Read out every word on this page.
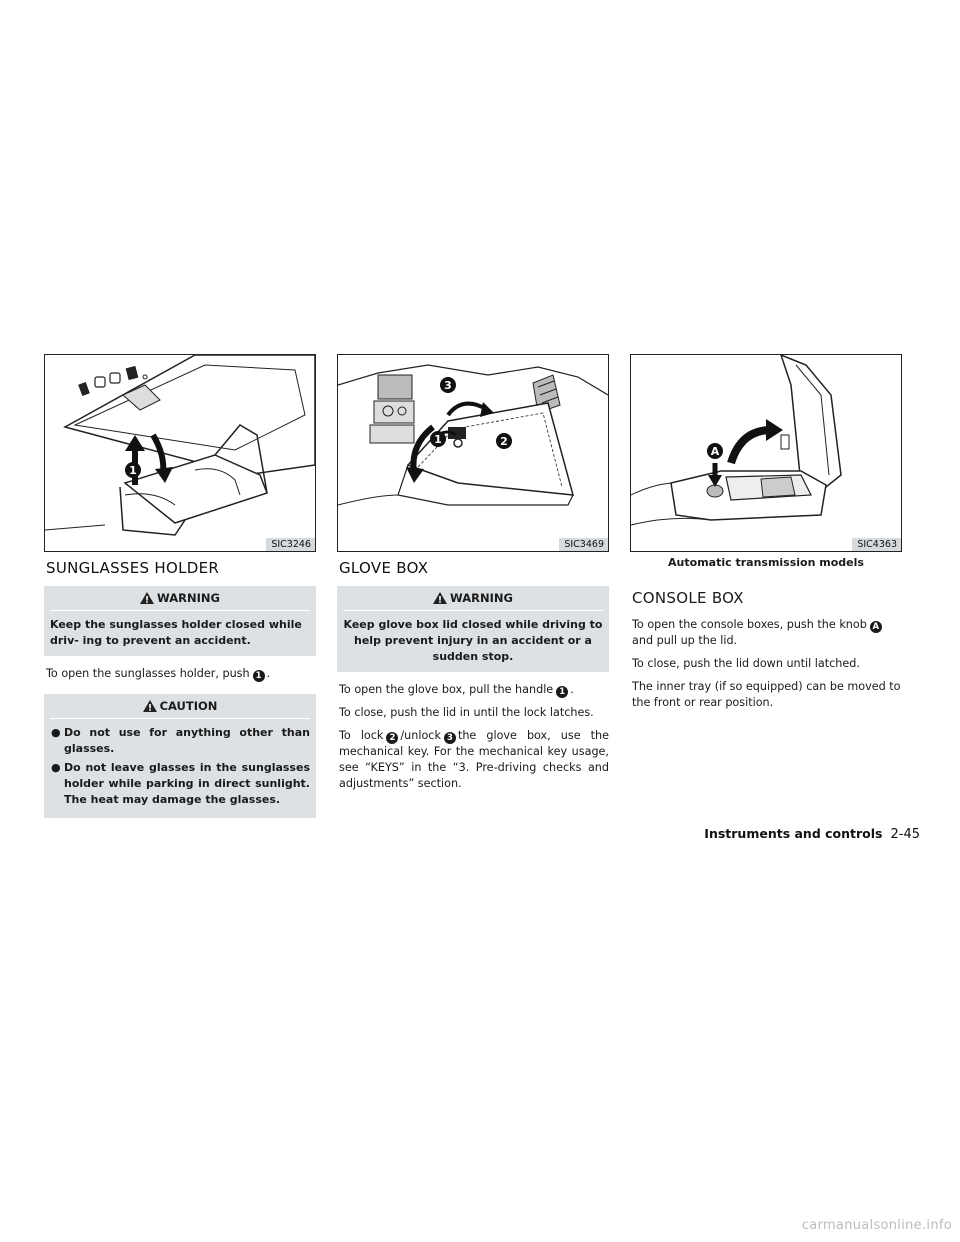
1
SIC3246
SUNGLASSES HOLDER
WARNING
Keep the sunglasses holder closed while driv- ing to prevent an accident.
To open the sunglasses holder, push 1 .
CAUTION
● Do not use for anything other than glasses.
● Do not leave glasses in the sunglasses holder while parking in direct sunlight. The heat may damage the glasses.
3
1	2
SIC3469
GLOVE BOX
WARNING
Keep glove box lid closed while driving to help prevent injury in an accident or a sudden stop.
To open the glove box, pull the handle 1 .
To close, push the lid in until the lock latches.
To lock 2 /unlock 3 the glove box, use the mechanical key. For the mechanical key usage, see “KEYS” in the “3. Pre-driving checks and adjustments” section.
A
SIC4363
Automatic transmission models
CONSOLE BOX
To open the console boxes, push the knob A
and pull up the lid.
To close, push the lid down until latched.
The inner tray (if so equipped) can be moved to the front or rear position.
Instruments and controls 2-45
carmanualsonline.info
